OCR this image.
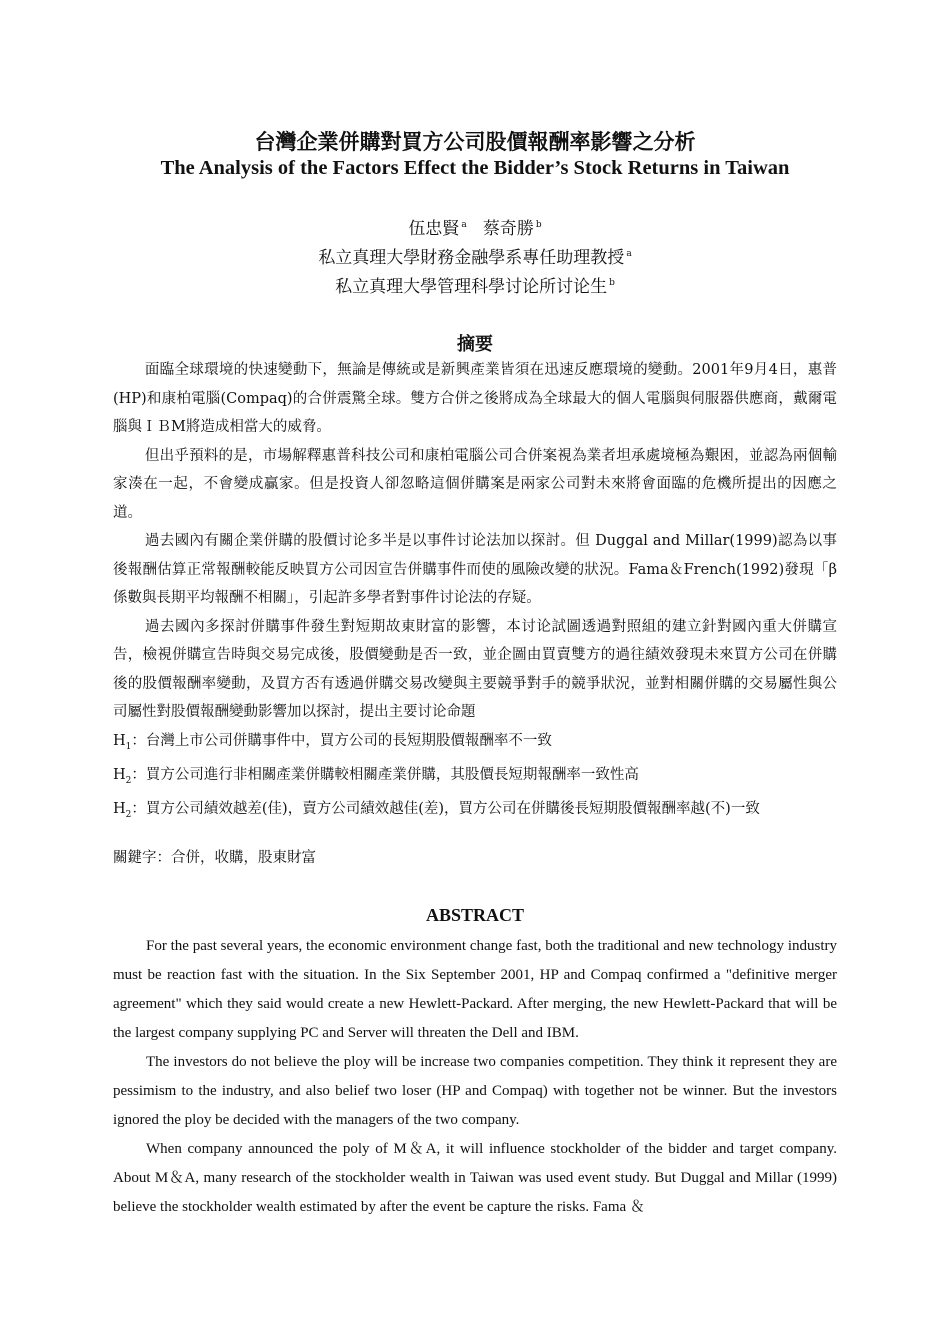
台灣企業併購對買方公司股價報酬率影響之分析
The Analysis of the Factors Effect the Bidder’s Stock Returns in Taiwan
伍忠賢 $^a$ 蔡奇勝 $^b$
私立真理大學財務金融學系專任助理教授 $^a$
私立真理大學管理科學讨论所讨论生 $^b$
摘要

面臨全球環境的快速變動下，無論是傳統或是新興產業皆須在迅速反應環境的變動。2001年9月4日，惠普(HP)和康柏電腦(Compaq)的合併震驚全球。雙方合併之後將成為全球最大的個人電腦與伺服器供應商，戴爾電腦與ＩＢM將造成相當大的威脅。

但出乎預料的是，市場解釋惠普科技公司和康柏電腦公司合併案視為業者坦承處境極為艱困，並認為兩個輸家湊在一起，不會變成贏家。但是投資人卻忽略這個併購案是兩家公司對未來將會面臨的危機所提出的因應之道。

過去國內有關企業併購的股價讨论多半是以事件讨论法加以探討。但 Duggal and Millar(1999)認為以事後報酬估算正常報酬較能反映買方公司因宣告併購事件而使的風險改變的狀況。Fama＆French(1992)發現「β係數與長期平均報酬不相關」，引起許多學者對事件讨论法的存疑。

過去國內多探討併購事件發生對短期故東財富的影響，本讨论試圖透過對照組的建立針對國內重大併購宣告，檢視併購宣告時與交易完成後，股價變動是否一致，並企圖由買賣雙方的過往績效發現未來買方公司在併購後的股價報酬率變動，及買方否有透過併購交易改變與主要競爭對手的競爭狀況，並對相關併購的交易屬性與公司屬性對股價報酬變動影響加以探討，提出主要讨论命題

$H_1$：台灣上市公司併購事件中，買方公司的長短期股價報酬率不一致

$H_2$：買方公司進行非相關產業併購較相關產業併購，其股價長短期報酬率一致性高

$H_2$：買方公司績效越差(佳)，賣方公司績效越佳(差)，買方公司在併購後長短期股價報酬率越(不)一致

關鍵字：合併，收購，股東財富

ABSTRACT

For the past several years, the economic environment change fast, both the traditional and new technology industry must be reaction fast with the situation. In the Six September 2001, HP and Compaq confirmed a "definitive merger agreement" which they said would create a new Hewlett-Packard. After merging, the new Hewlett-Packard that will be the largest company supplying PC and Server will threaten the Dell and IBM.

The investors do not believe the ploy will be increase two companies competition. They think it represent they are pessimism to the industry, and also belief two loser (HP and Compaq) with together not be winner. But the investors ignored the ploy be decided with the managers of the two company.

When company announced the poly of M＆A, it will influence stockholder of the bidder and target company. About M＆A, many research of the stockholder wealth in Taiwan was used event study. But Duggal and Millar (1999) believe the stockholder wealth estimated by after the event be capture the risks. Fama ＆
